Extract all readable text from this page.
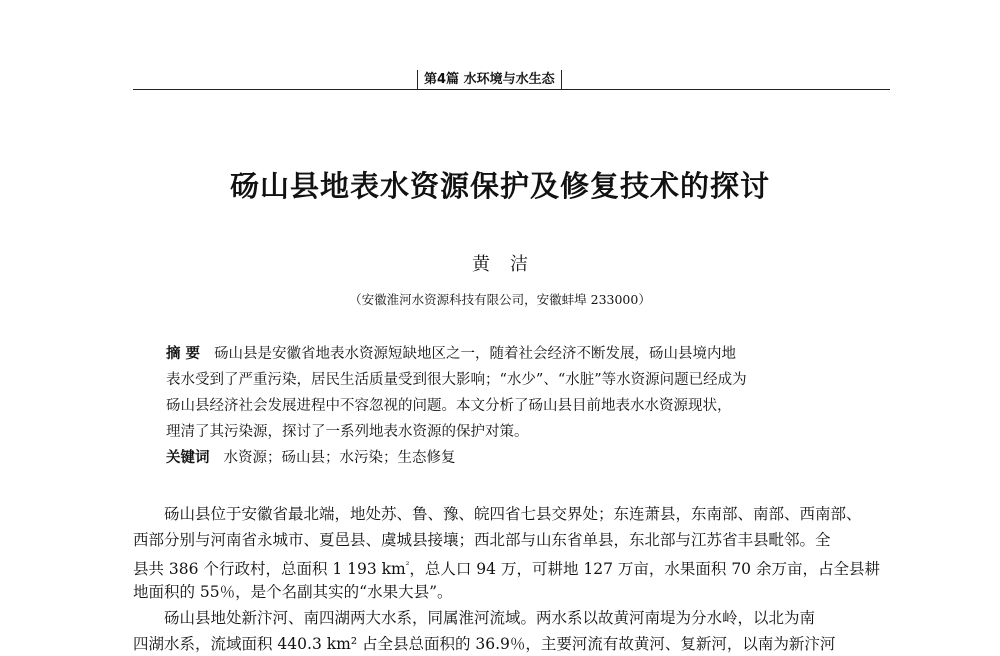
第4篇 水环境与水生态
砀山县地表水资源保护及修复技术的探讨
黄洁
（安徽淮河水资源科技有限公司，安徽蚌埠 233000）
摘 要 砀山县是安徽省地表水资源短缺地区之一，随着社会经济不断发展，砀山县境内地
表水受到了严重污染，居民生活质量受到很大影响；“水少”、“水脏”等水资源问题已经成为
砀山县经济社会发展进程中不容忽视的问题。本文分析了砀山县目前地表水水资源现状，
理清了其污染源，探讨了一系列地表水资源的保护对策。
关键词 水资源；砀山县；水污染；生态修复
砀山县位于安徽省最北端，地处苏、鲁、豫、皖四省七县交界处；东连萧县，东南部、南部、西南部、
西部分别与河南省永城市、夏邑县、虞城县接壤；西北部与山东省单县，东北部与江苏省丰县毗邻。全
县共 386 个行政村，总面积 1 193 $km^{^2}$，总人口 94 万，可耕地 127 万亩，水果面积 70 余万亩，占全县耕
地面积的 55％，是个名副其实的“水果大县”。
砀山县地处新汴河、南四湖两大水系，同属淮河流域。两水系以故黄河南堤为分水岭，以北为南
四湖水系，流域面积 440.3 km² 占全县总面积的 36.9％，主要河流有故黄河、复新河，以南为新汴河
